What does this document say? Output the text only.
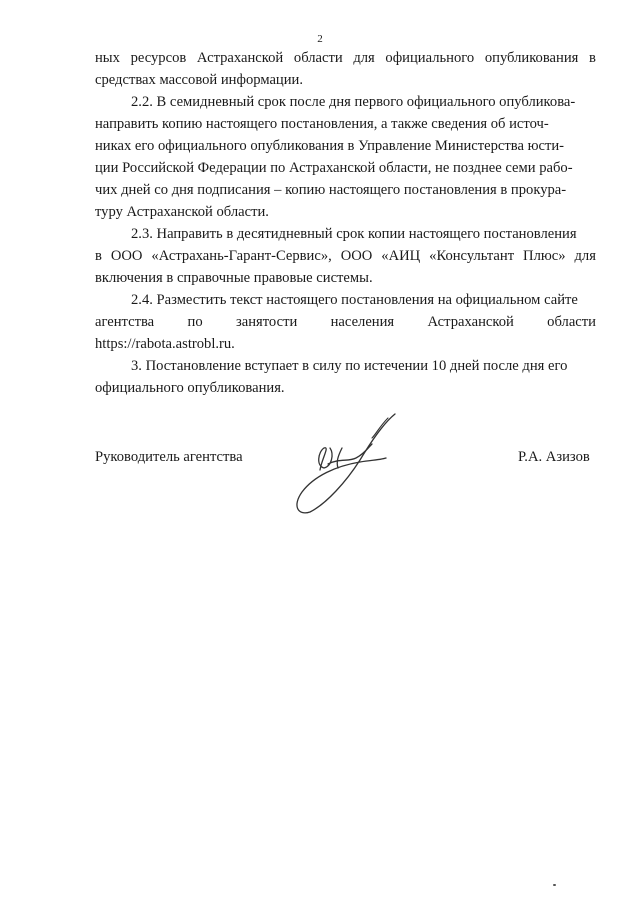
2
ных ресурсов Астраханской области для официального опубликования в
средствах массовой информации.
2.2. В семидневный срок после дня первого официального опубликова-
направить копию настоящего постановления, а также сведения об источ-
никах его официального опубликования в Управление Министерства юсти-
ции Российской Федерации по Астраханской области, не позднее семи рабо-
чих дней со дня подписания – копию настоящего постановления в прокура-
туру Астраханской области.
2.3. Направить в десятидневный срок копии настоящего постановления
в ООО «Астрахань-Гарант-Сервис», ООО «АИЦ «Консультант Плюс» для
включения в справочные правовые системы.
2.4. Разместить текст настоящего постановления на официальном сайте
агентства по занятости населения Астраханской области
https://rabota.astrobl.ru.
3. Постановление вступает в силу по истечении 10 дней после дня его
официального опубликования.
Руководитель агентства	Р.А. Азизов
